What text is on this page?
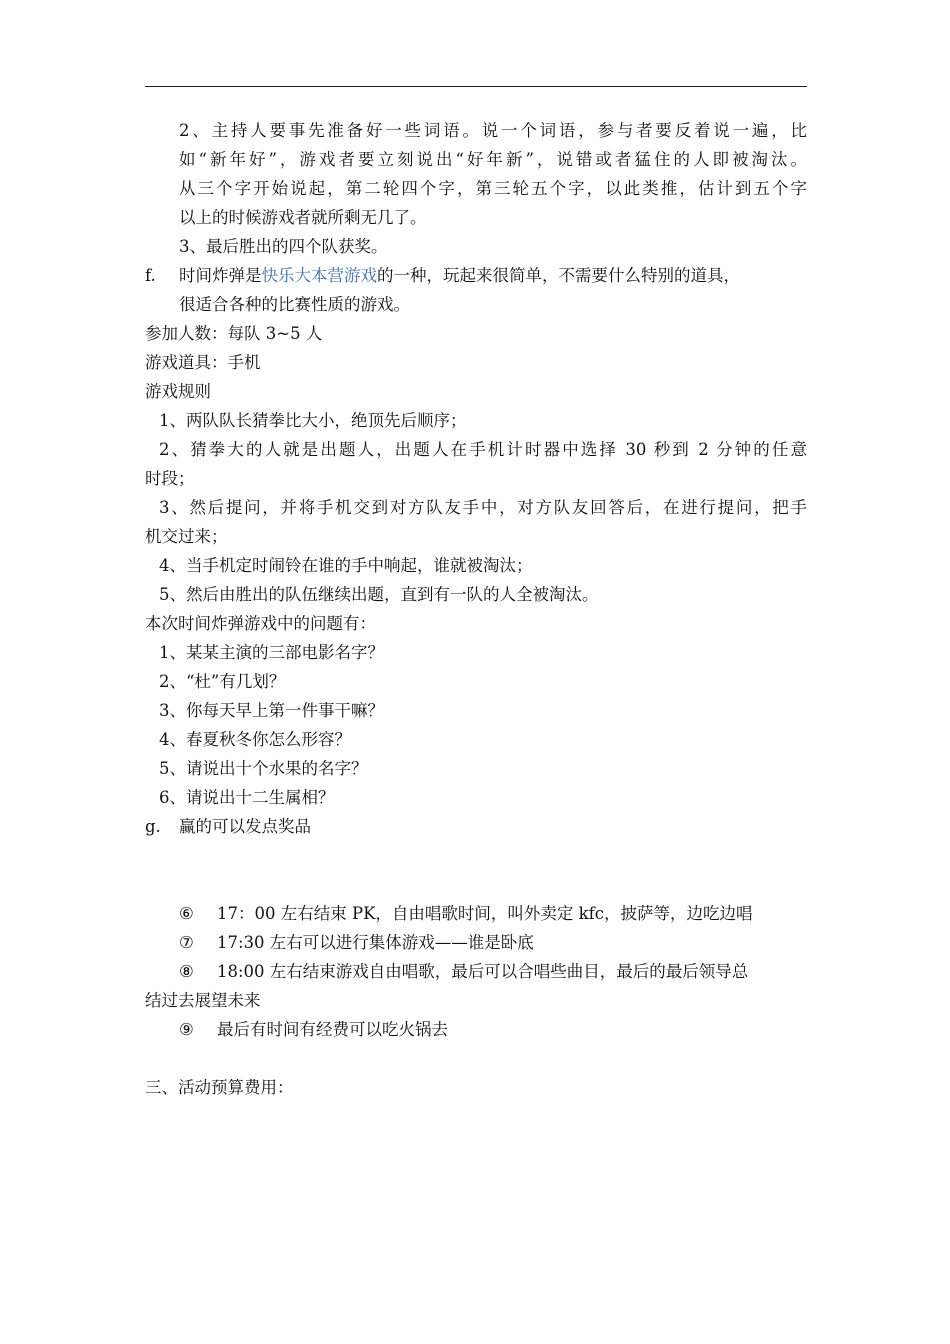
2、主持人要事先准备好一些词语。说一个词语，参与者要反着说一遍，比
如“新年好”，游戏者要立刻说出“好年新”，说错或者猛住的人即被淘汰。
从三个字开始说起，第二轮四个字，第三轮五个字，以此类推，估计到五个字
以上的时候游戏者就所剩无几了。
3、最后胜出的四个队获奖。
f. 时间炸弹是快乐大本营游戏的一种，玩起来很简单，不需要什么特别的道具，
很适合各种的比赛性质的游戏。
参加人数：每队 3~5 人
游戏道具：手机
游戏规则
1、两队队长猜拳比大小，绝顶先后顺序；
2、猜拳大的人就是出题人，出题人在手机计时器中选择 30 秒到 2 分钟的任意
时段；
3、然后提问，并将手机交到对方队友手中，对方队友回答后，在进行提问，把手
机交过来；
4、当手机定时闹铃在谁的手中响起，谁就被淘汰；
5、然后由胜出的队伍继续出题，直到有一队的人全被淘汰。
本次时间炸弹游戏中的问题有：
1、某某主演的三部电影名字？
2、“杜”有几划？
3、你每天早上第一件事干嘛？
4、春夏秋冬你怎么形容？
5、请说出十个水果的名字？
6、请说出十二生属相？
g. 赢的可以发点奖品
⑥ 17：00 左右结束 PK，自由唱歌时间，叫外卖定 kfc，披萨等，边吃边唱
⑦ 17:30 左右可以进行集体游戏——谁是卧底
⑧ 18:00 左右结束游戏自由唱歌，最后可以合唱些曲目，最后的最后领导总
结过去展望未来
⑨ 最后有时间有经费可以吃火锅去
三、活动预算费用：
